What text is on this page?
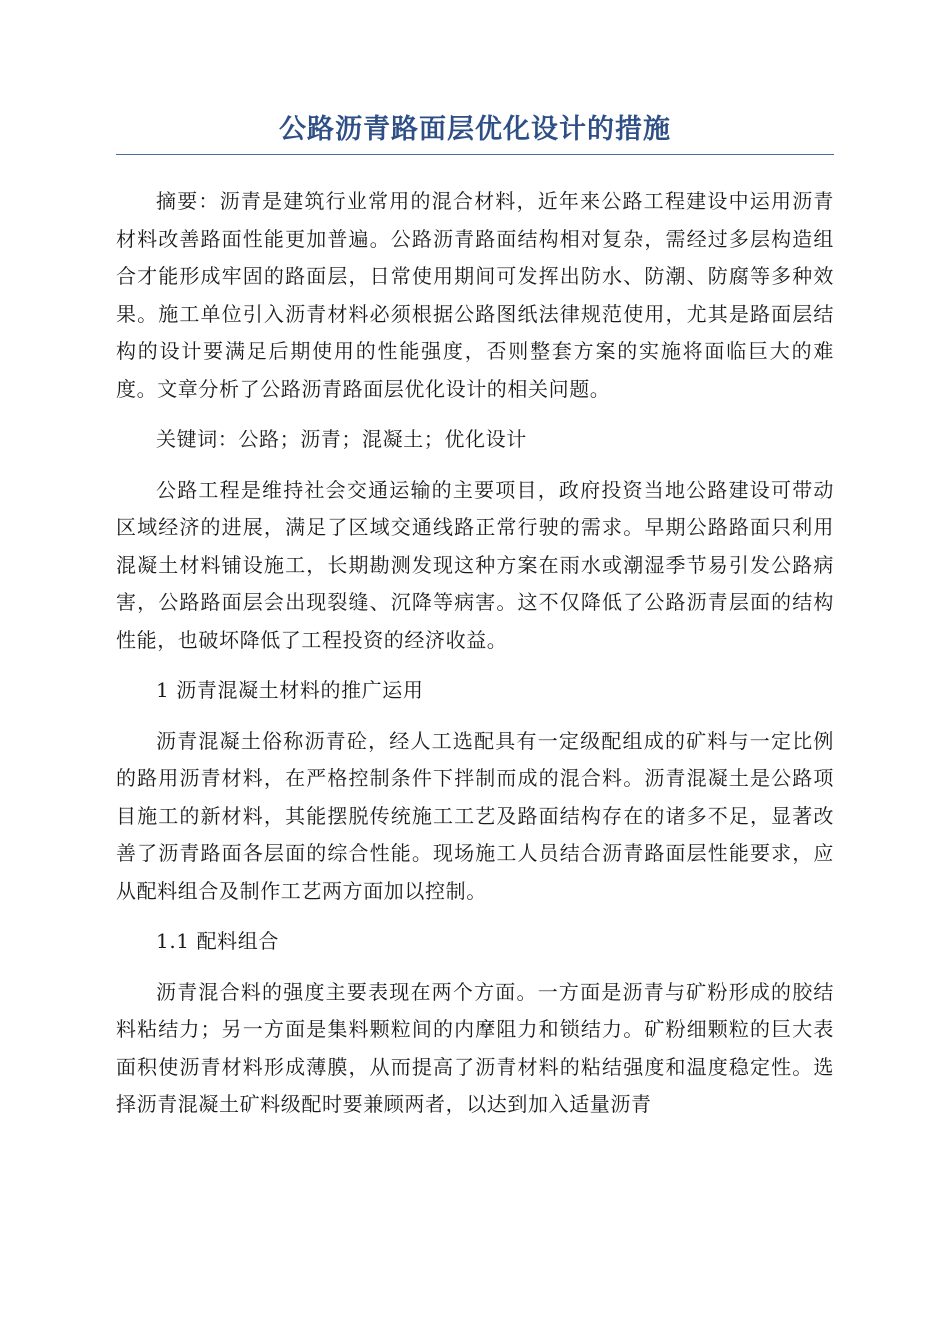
公路沥青路面层优化设计的措施

摘要：沥青是建筑行业常用的混合材料，近年来公路工程建设中运用沥青材料改善路面性能更加普遍。公路沥青路面结构相对复杂，需经过多层构造组合才能形成牢固的路面层，日常使用期间可发挥出防水、防潮、防腐等多种效果。施工单位引入沥青材料必须根据公路图纸法律规范使用，尤其是路面层结构的设计要满足后期使用的性能强度，否则整套方案的实施将面临巨大的难度。文章分析了公路沥青路面层优化设计的相关问题。

关键词：公路；沥青；混凝土；优化设计

公路工程是维持社会交通运输的主要项目，政府投资当地公路建设可带动区域经济的进展，满足了区域交通线路正常行驶的需求。早期公路路面只利用混凝土材料铺设施工，长期勘测发现这种方案在雨水或潮湿季节易引发公路病害，公路路面层会出现裂缝、沉降等病害。这不仅降低了公路沥青层面的结构性能，也破坏降低了工程投资的经济收益。

1 沥青混凝土材料的推广运用

沥青混凝土俗称沥青砼，经人工选配具有一定级配组成的矿料与一定比例的路用沥青材料，在严格控制条件下拌制而成的混合料。沥青混凝土是公路项目施工的新材料，其能摆脱传统施工工艺及路面结构存在的诸多不足，显著改善了沥青路面各层面的综合性能。现场施工人员结合沥青路面层性能要求，应从配料组合及制作工艺两方面加以控制。

1.1 配料组合

沥青混合料的强度主要表现在两个方面。一方面是沥青与矿粉形成的胶结料粘结力；另一方面是集料颗粒间的内摩阻力和锁结力。矿粉细颗粒的巨大表面积使沥青材料形成薄膜，从而提高了沥青材料的粘结强度和温度稳定性。选择沥青混凝土矿料级配时要兼顾两者，以达到加入适量沥青
